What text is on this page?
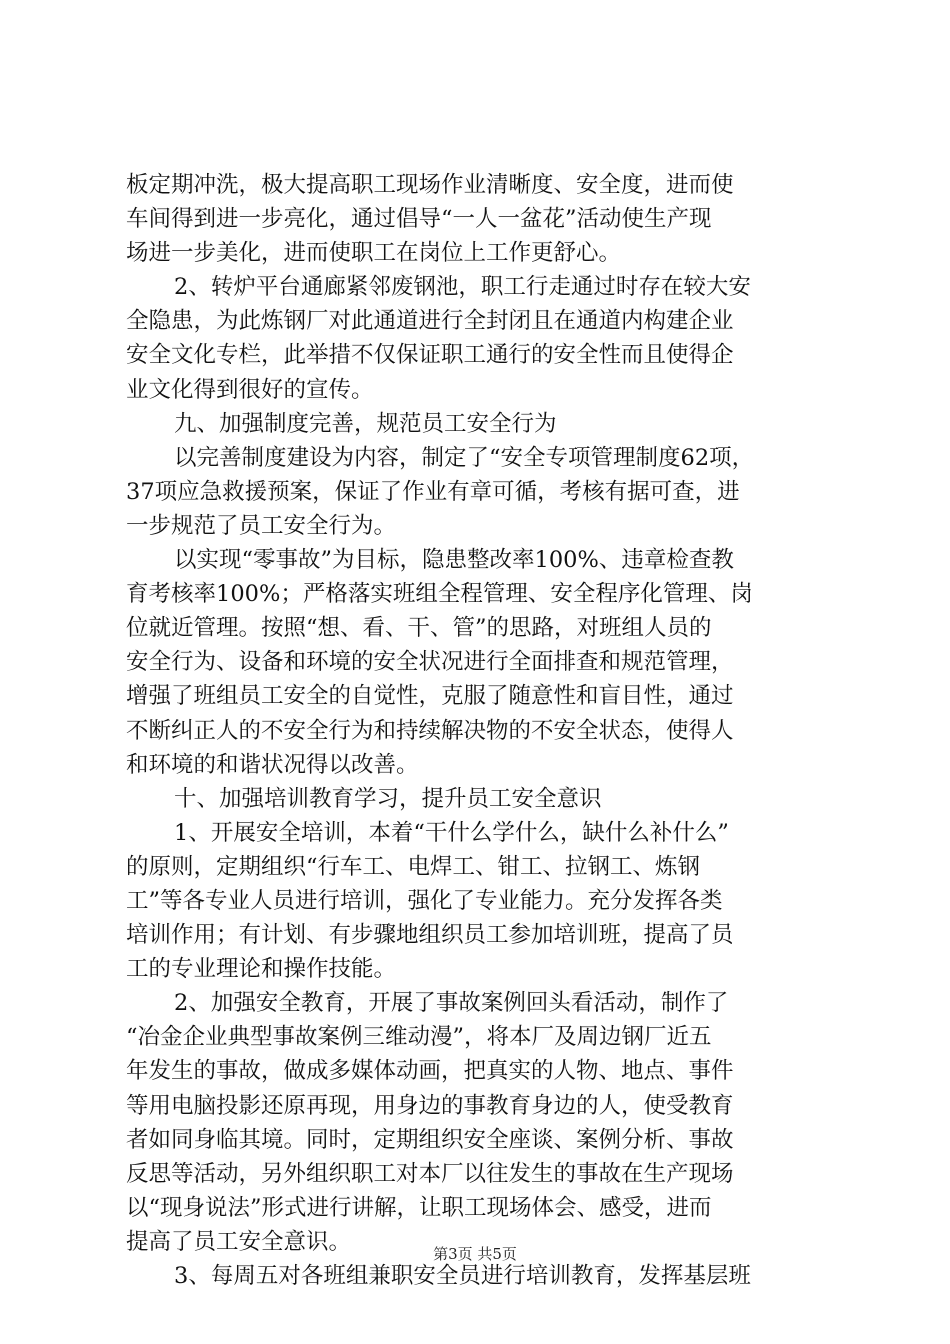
板定期冲洗，极大提高职工现场作业清晰度、安全度，进而使
车间得到进一步亮化，通过倡导“一人一盆花”活动使生产现
场进一步美化，进而使职工在岗位上工作更舒心。
2、转炉平台通廊紧邻废钢池，职工行走通过时存在较大安
全隐患，为此炼钢厂对此通道进行全封闭且在通道内构建企业
安全文化专栏，此举措不仅保证职工通行的安全性而且使得企
业文化得到很好的宣传。
九、加强制度完善，规范员工安全行为
以完善制度建设为内容，制定了“安全专项管理制度62项，
37项应急救援预案，保证了作业有章可循，考核有据可查，进
一步规范了员工安全行为。
以实现“零事故”为目标，隐患整改率100%、违章检查教
育考核率100%；严格落实班组全程管理、安全程序化管理、岗
位就近管理。按照“想、看、干、管”的思路，对班组人员的
安全行为、设备和环境的安全状况进行全面排查和规范管理，
增强了班组员工安全的自觉性，克服了随意性和盲目性，通过
不断纠正人的不安全行为和持续解决物的不安全状态，使得人
和环境的和谐状况得以改善。
十、加强培训教育学习，提升员工安全意识
1、开展安全培训，本着“干什么学什么，缺什么补什么”
的原则，定期组织“行车工、电焊工、钳工、拉钢工、炼钢
工”等各专业人员进行培训，强化了专业能力。充分发挥各类
培训作用；有计划、有步骤地组织员工参加培训班，提高了员
工的专业理论和操作技能。
2、加强安全教育，开展了事故案例回头看活动，制作了
“冶金企业典型事故案例三维动漫”，将本厂及周边钢厂近五
年发生的事故，做成多媒体动画，把真实的人物、地点、事件
等用电脑投影还原再现，用身边的事教育身边的人，使受教育
者如同身临其境。同时，定期组织安全座谈、案例分析、事故
反思等活动，另外组织职工对本厂以往发生的事故在生产现场
以“现身说法”形式进行讲解，让职工现场体会、感受，进而
提高了员工安全意识。
3、每周五对各班组兼职安全员进行培训教育，发挥基层班
第3页 共5页
